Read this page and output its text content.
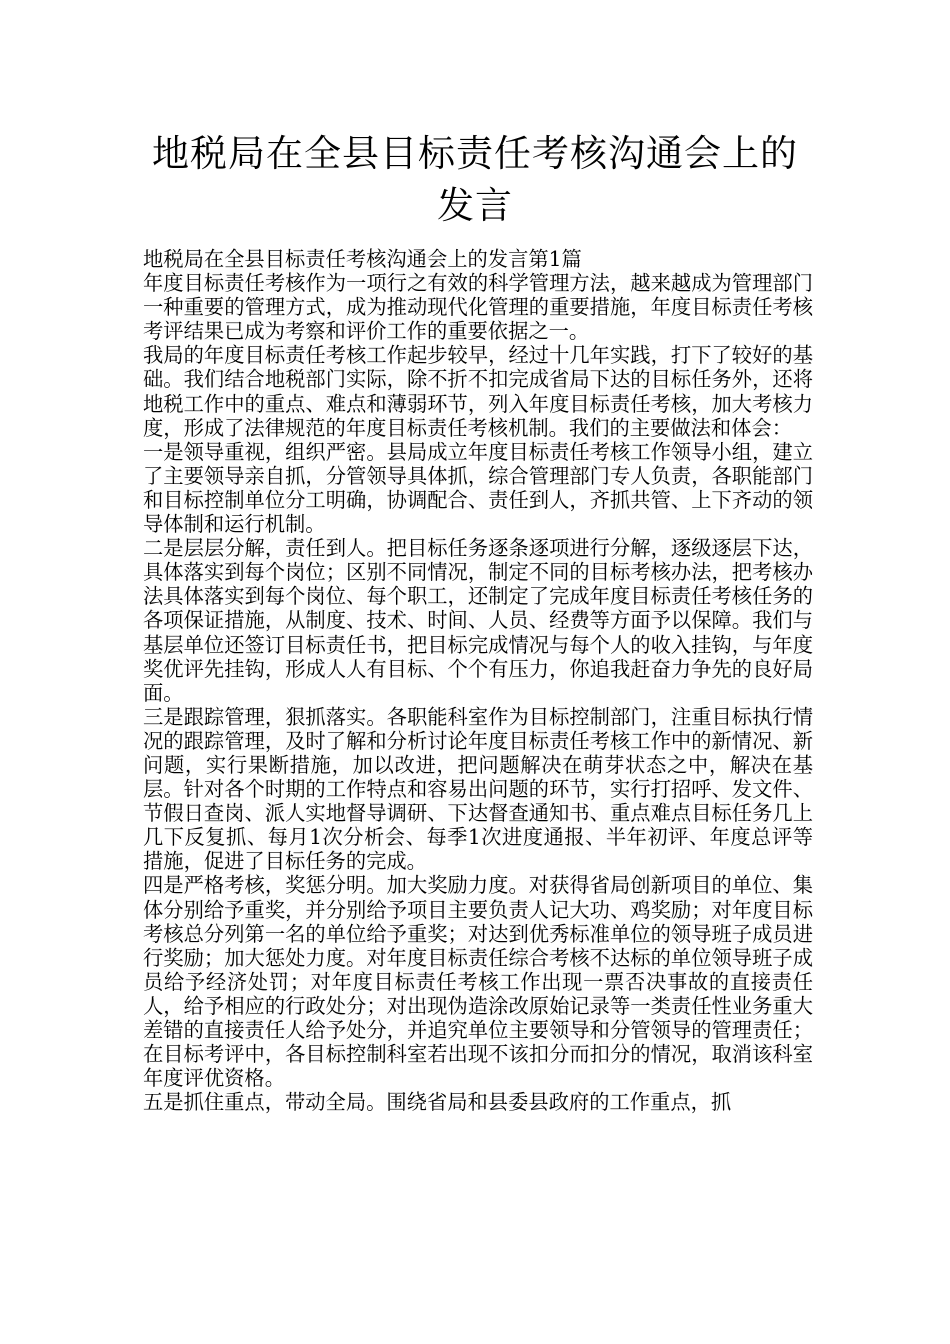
地税局在全县目标责任考核沟通会上的发言

地税局在全县目标责任考核沟通会上的发言第1篇

年度目标责任考核作为一项行之有效的科学管理方法，越来越成为管理部门一种重要的管理方式，成为推动现代化管理的重要措施，年度目标责任考核考评结果已成为考察和评价工作的重要依据之一。

我局的年度目标责任考核工作起步较早，经过十几年实践，打下了较好的基础。我们结合地税部门实际，除不折不扣完成省局下达的目标任务外，还将地税工作中的重点、难点和薄弱环节，列入年度目标责任考核，加大考核力度，形成了法律规范的年度目标责任考核机制。我们的主要做法和体会：

一是领导重视，组织严密。县局成立年度目标责任考核工作领导小组，建立了主要领导亲自抓，分管领导具体抓，综合管理部门专人负责，各职能部门和目标控制单位分工明确，协调配合、责任到人，齐抓共管、上下齐动的领导体制和运行机制。

二是层层分解，责任到人。把目标任务逐条逐项进行分解，逐级逐层下达，具体落实到每个岗位；区别不同情况，制定不同的目标考核办法，把考核办法具体落实到每个岗位、每个职工，还制定了完成年度目标责任考核任务的各项保证措施，从制度、技术、时间、人员、经费等方面予以保障。我们与基层单位还签订目标责任书，把目标完成情况与每个人的收入挂钩，与年度奖优评先挂钩，形成人人有目标、个个有压力，你追我赶奋力争先的良好局面。

三是跟踪管理，狠抓落实。各职能科室作为目标控制部门，注重目标执行情况的跟踪管理，及时了解和分析讨论年度目标责任考核工作中的新情况、新问题，实行果断措施，加以改进，把问题解决在萌芽状态之中，解决在基层。针对各个时期的工作特点和容易出问题的环节，实行打招呼、发文件、节假日查岗、派人实地督导调研、下达督查通知书、重点难点目标任务几上几下反复抓、每月1次分析会、每季1次进度通报、半年初评、年度总评等措施，促进了目标任务的完成。

四是严格考核，奖惩分明。加大奖励力度。对获得省局创新项目的单位、集体分别给予重奖，并分别给予项目主要负责人记大功、鸡奖励；对年度目标考核总分列第一名的单位给予重奖；对达到优秀标准单位的领导班子成员进行奖励；加大惩处力度。对年度目标责任综合考核不达标的单位领导班子成员给予经济处罚；对年度目标责任考核工作出现一票否决事故的直接责任人，给予相应的行政处分；对出现伪造涂改原始记录等一类责任性业务重大差错的直接责任人给予处分，并追究单位主要领导和分管领导的管理责任；在目标考评中，各目标控制科室若出现不该扣分而扣分的情况，取消该科室年度评优资格。

五是抓住重点，带动全局。围绕省局和县委县政府的工作重点，抓
